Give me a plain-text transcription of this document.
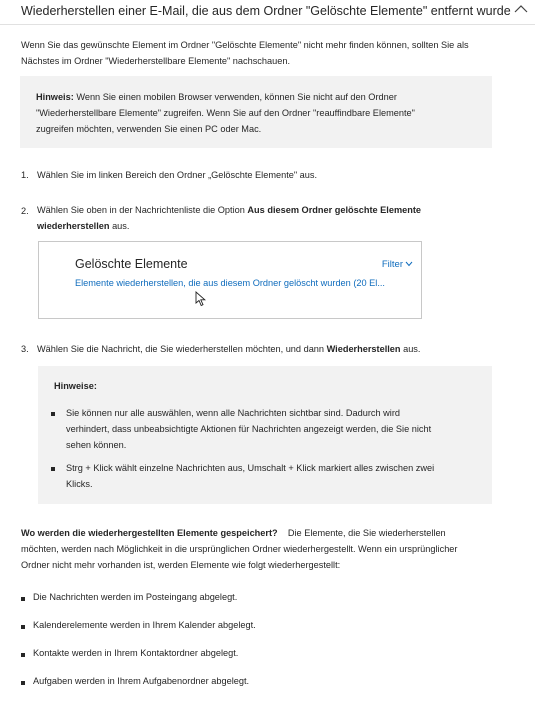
Wiederherstellen einer E-Mail, die aus dem Ordner "Gelöschte Elemente" entfernt wurde
Wenn Sie das gewünschte Element im Ordner "Gelöschte Elemente" nicht mehr finden können, sollten Sie als
Nächstes im Ordner "Wiederherstellbare Elemente" nachschauen.
Hinweis: Wenn Sie einen mobilen Browser verwenden, können Sie nicht auf den Ordner
"Wiederherstellbare Elemente" zugreifen. Wenn Sie auf den Ordner "reauffindbare Elemente"
zugreifen möchten, verwenden Sie einen PC oder Mac.
1. Wählen Sie im linken Bereich den Ordner „Gelöschte Elemente" aus.
2. Wählen Sie oben in der Nachrichtenliste die Option Aus diesem Ordner gelöschte Elemente
wiederherstellen aus.
Gelöschte Elemente	Filter
Elemente wiederherstellen, die aus diesem Ordner gelöscht wurden (20 El...
3. Wählen Sie die Nachricht, die Sie wiederherstellen möchten, und dann Wiederherstellen aus.
Hinweise:
Sie können nur alle auswählen, wenn alle Nachrichten sichtbar sind. Dadurch wird
verhindert, dass unbeabsichtigte Aktionen für Nachrichten angezeigt werden, die Sie nicht
sehen können.
Strg + Klick wählt einzelne Nachrichten aus, Umschalt + Klick markiert alles zwischen zwei
Klicks.
Wo werden die wiederhergestellten Elemente gespeichert?    Die Elemente, die Sie wiederherstellen
möchten, werden nach Möglichkeit in die ursprünglichen Ordner wiederhergestellt. Wenn ein ursprünglicher
Ordner nicht mehr vorhanden ist, werden Elemente wie folgt wiederhergestellt:
Die Nachrichten werden im Posteingang abgelegt.
Kalenderelemente werden in Ihrem Kalender abgelegt.
Kontakte werden in Ihrem Kontaktordner abgelegt.
Aufgaben werden in Ihrem Aufgabenordner abgelegt.
